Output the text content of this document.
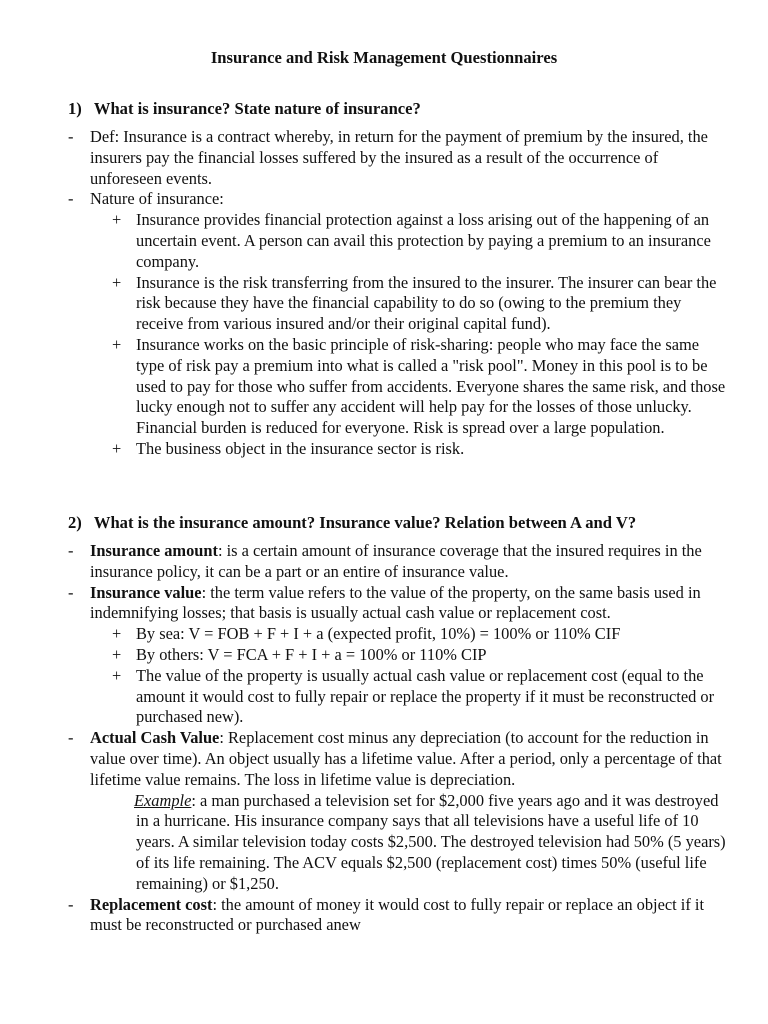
Insurance and Risk Management Questionnaires
1) What is insurance? State nature of insurance?
- Def: Insurance is a contract whereby, in return for the payment of premium by the insured, the insurers pay the financial losses suffered by the insured as a result of the occurrence of unforeseen events.
- Nature of insurance:
+ Insurance provides financial protection against a loss arising out of the happening of an uncertain event. A person can avail this protection by paying a premium to an insurance company.
+ Insurance is the risk transferring from the insured to the insurer. The insurer can bear the risk because they have the financial capability to do so (owing to the premium they receive from various insured and/or their original capital fund).
+ Insurance works on the basic principle of risk-sharing: people who may face the same type of risk pay a premium into what is called a "risk pool". Money in this pool is to be used to pay for those who suffer from accidents. Everyone shares the same risk, and those lucky enough not to suffer any accident will help pay for the losses of those unlucky. Financial burden is reduced for everyone. Risk is spread over a large population.
+ The business object in the insurance sector is risk.
2) What is the insurance amount? Insurance value? Relation between A and V?
- Insurance amount: is a certain amount of insurance coverage that the insured requires in the insurance policy, it can be a part or an entire of insurance value.
- Insurance value: the term value refers to the value of the property, on the same basis used in indemnifying losses; that basis is usually actual cash value or replacement cost.
+ By sea: V = FOB + F + I + a (expected profit, 10%) = 100% or 110% CIF
+ By others: V = FCA + F + I + a = 100% or 110% CIP
+ The value of the property is usually actual cash value or replacement cost (equal to the amount it would cost to fully repair or replace the property if it must be reconstructed or purchased new).
- Actual Cash Value: Replacement cost minus any depreciation (to account for the reduction in value over time). An object usually has a lifetime value. After a period, only a percentage of that lifetime value remains. The loss in lifetime value is depreciation.
Example: a man purchased a television set for $2,000 five years ago and it was destroyed in a hurricane. His insurance company says that all televisions have a useful life of 10 years. A similar television today costs $2,500. The destroyed television had 50% (5 years) of its life remaining. The ACV equals $2,500 (replacement cost) times 50% (useful life remaining) or $1,250.
- Replacement cost: the amount of money it would cost to fully repair or replace an object if it must be reconstructed or purchased anew
